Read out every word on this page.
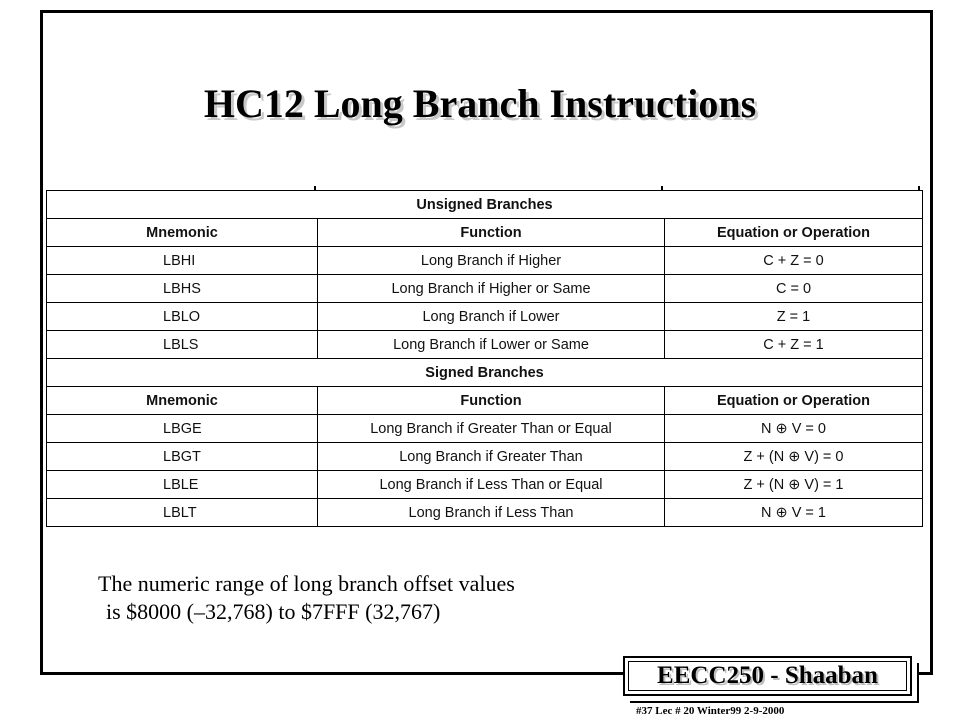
HC12 Long Branch Instructions
Unsigned Branches		
Mnemonic	Function	Equation or Operation
LBHI	Long Branch if Higher	C + Z = 0
LBHS	Long Branch if Higher or Same	C = 0
LBLO	Long Branch if Lower	Z = 1
LBLS	Long Branch if Lower or Same	C + Z = 1
Signed Branches		
Mnemonic	Function	Equation or Operation
LBGE	Long Branch if Greater Than or Equal	N ⊕ V = 0
LBGT	Long Branch if Greater Than	Z + (N ⊕ V) = 0
LBLE	Long Branch if Less Than or Equal	Z + (N ⊕ V) = 1
LBLT	Long Branch if Less Than	N ⊕ V = 1
The numeric range of long branch offset values
is $8000 (–32,768) to $7FFF (32,767)
EECC250 - Shaaban
#37 Lec # 20 Winter99 2-9-2000
